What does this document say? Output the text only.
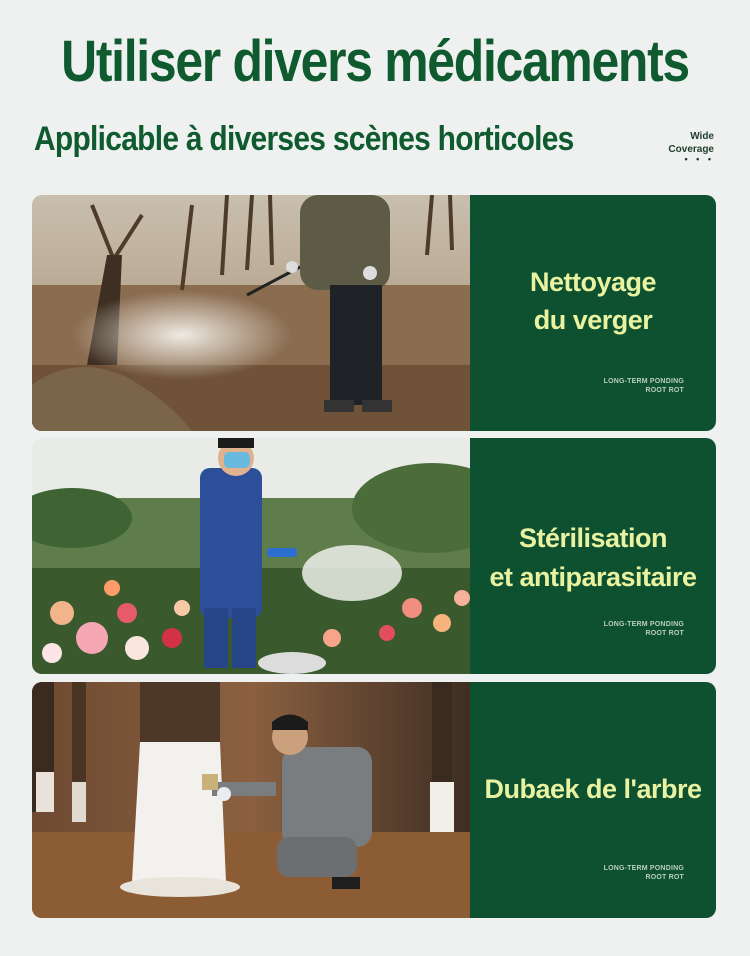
Utiliser divers médicaments
Applicable à diverses scènes horticoles	Wide
Coverage
• • •
Nettoyage
du verger
LONG-TERM PONDING
ROOT ROT
Stérilisation
et antiparasitaire
LONG-TERM PONDING
ROOT ROT
Dubaek de l'arbre
LONG-TERM PONDING
ROOT ROT
